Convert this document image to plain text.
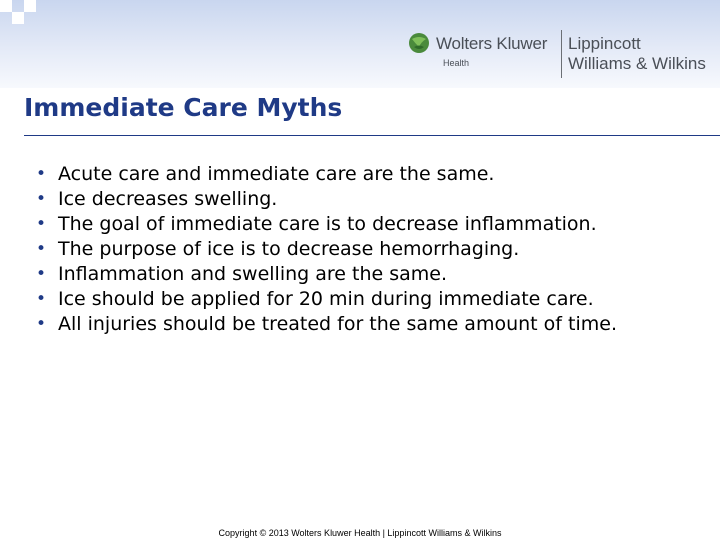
Wolters Kluwer
Health
Lippincott
Williams & Wilkins
Immediate Care Myths
• Acute care and immediate care are the same.
• Ice decreases swelling.
• The goal of immediate care is to decrease inflammation.
• The purpose of ice is to decrease hemorrhaging.
• Inflammation and swelling are the same.
• Ice should be applied for 20 min during immediate care.
• All injuries should be treated for the same amount of time.
Copyright © 2013 Wolters Kluwer Health | Lippincott Williams & Wilkins
